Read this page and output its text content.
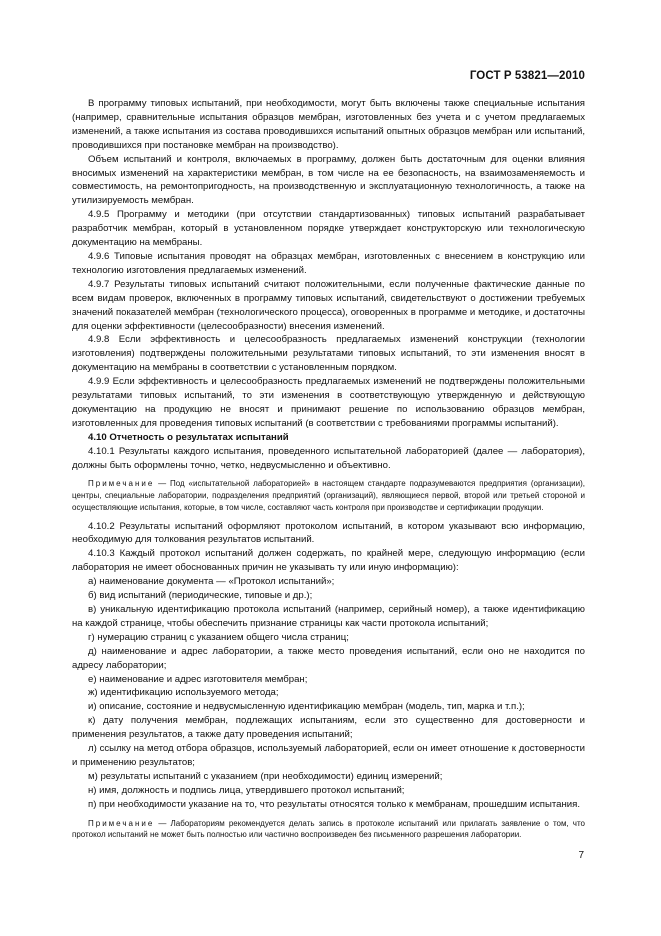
ГОСТ Р 53821—2010

В программу типовых испытаний, при необходимости, могут быть включены также специальные испытания (например, сравнительные испытания образцов мембран, изготовленных без учета и с учетом предлагаемых изменений, а также испытания из состава проводившихся испытаний опытных образцов мембран или испытаний, проводившихся при постановке мембран на производство).

Объем испытаний и контроля, включаемых в программу, должен быть достаточным для оценки влияния вносимых изменений на характеристики мембран, в том числе на ее безопасность, на взаимозаменяемость и совместимость, на ремонтопригодность, на производственную и эксплуатационную технологичность, а также на утилизируемость мембран.

4.9.5 Программу и методики (при отсутствии стандартизованных) типовых испытаний разрабатывает разработчик мембран, который в установленном порядке утверждает конструкторскую или технологическую документацию на мембраны.

4.9.6 Типовые испытания проводят на образцах мембран, изготовленных с внесением в конструкцию или технологию изготовления предлагаемых изменений.

4.9.7 Результаты типовых испытаний считают положительными, если полученные фактические данные по всем видам проверок, включенных в программу типовых испытаний, свидетельствуют о достижении требуемых значений показателей мембран (технологического процесса), оговоренных в программе и методике, и достаточны для оценки эффективности (целесообразности) внесения изменений.

4.9.8 Если эффективность и целесообразность предлагаемых изменений конструкции (технологии изготовления) подтверждены положительными результатами типовых испытаний, то эти изменения вносят в документацию на мембраны в соответствии с установленным порядком.

4.9.9 Если эффективность и целесообразность предлагаемых изменений не подтверждены положительными результатами типовых испытаний, то эти изменения в соответствующую утвержденную и действующую документацию на продукцию не вносят и принимают решение по использованию образцов мембран, изготовленных для проведения типовых испытаний (в соответствии с требованиями программы испытаний).

4.10 Отчетность о результатах испытаний

4.10.1 Результаты каждого испытания, проведенного испытательной лабораторией (далее — лаборатория), должны быть оформлены точно, четко, недвусмысленно и объективно.

Примечание — Под «испытательной лабораторией» в настоящем стандарте подразумеваются предприятия (организации), центры, специальные лаборатории, подразделения предприятий (организаций), являющиеся первой, второй или третьей стороной и осуществляющие испытания, которые, в том числе, составляют часть контроля при производстве и сертификации продукции.

4.10.2 Результаты испытаний оформляют протоколом испытаний, в котором указывают всю информацию, необходимую для толкования результатов испытаний.

4.10.3 Каждый протокол испытаний должен содержать, по крайней мере, следующую информацию (если лаборатория не имеет обоснованных причин не указывать ту или иную информацию):

а) наименование документа — «Протокол испытаний»;

б) вид испытаний (периодические, типовые и др.);

в) уникальную идентификацию протокола испытаний (например, серийный номер), а также идентификацию на каждой странице, чтобы обеспечить признание страницы как части протокола испытаний;

г) нумерацию страниц с указанием общего числа страниц;

д) наименование и адрес лаборатории, а также место проведения испытаний, если оно не находится по адресу лаборатории;

е) наименование и адрес изготовителя мембран;

ж) идентификацию используемого метода;

и) описание, состояние и недвусмысленную идентификацию мембран (модель, тип, марка и т.п.);

к) дату получения мембран, подлежащих испытаниям, если это существенно для достоверности и применения результатов, а также дату проведения испытаний;

л) ссылку на метод отбора образцов, используемый лабораторией, если он имеет отношение к достоверности и применению результатов;

м) результаты испытаний с указанием (при необходимости) единиц измерений;

н) имя, должность и подпись лица, утвердившего протокол испытаний;

п) при необходимости указание на то, что результаты относятся только к мембранам, прошедшим испытания.

Примечание — Лабораториям рекомендуется делать запись в протоколе испытаний или прилагать заявление о том, что протокол испытаний не может быть полностью или частично воспроизведен без письменного разрешения лаборатории.

7
